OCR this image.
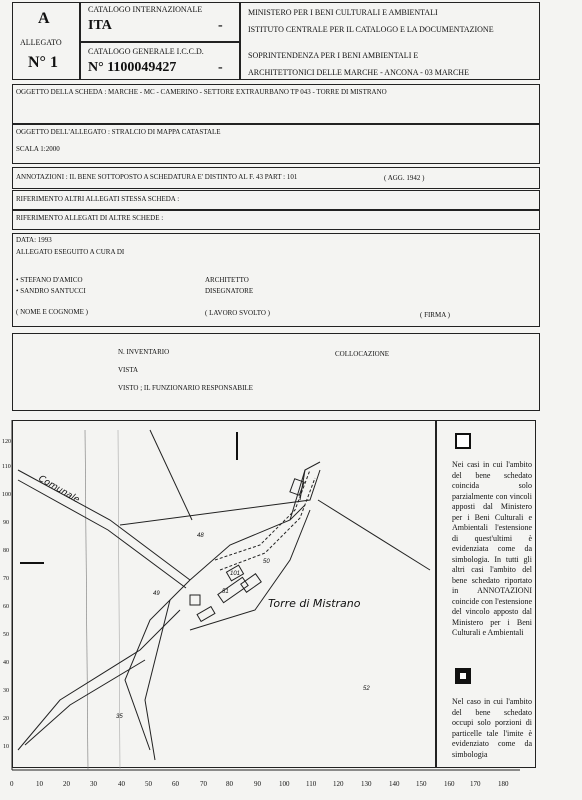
A
ALLEGATO
N° 1
CATALOGO INTERNAZIONALE
ITA	-
CATALOGO GENERALE I.C.C.D.
N° 1100049427	-
MINISTERO PER I BENI CULTURALI E AMBIENTALI
ISTITUTO CENTRALE PER IL CATALOGO E LA DOCUMENTAZIONE
SOPRINTENDENZA PER I BENI AMBIENTALI E
ARCHITETTONICI DELLE MARCHE - ANCONA - 03 MARCHE
OGGETTO DELLA SCHEDA : MARCHE - MC - CAMERINO - SETTORE EXTRAURBANO TP 043 - TORRE DI MISTRANO
OGGETTO DELL'ALLEGATO : STRALCIO DI MAPPA CATASTALE
SCALA 1:2000
ANNOTAZIONI : IL BENE SOTTOPOSTO A SCHEDATURA E' DISTINTO AL F. 43 PART : 101	( AGG. 1942 )
RIFERIMENTO ALTRI ALLEGATI STESSA SCHEDA :
RIFERIMENTO ALLEGATI DI ALTRE SCHEDE :
DATA: 1993
ALLEGATO ESEGUITO A CURA DI
• STEFANO D'AMICO
• SANDRO SANTUCCI
ARCHITETTO
DISEGNATORE
( NOME E COGNOME )	( LAVORO SVOLTO )	( FIRMA )
N. INVENTARIO	COLLOCAZIONE
VISTA
VISTO ; IL FUNZIONARIO RESPONSABILE
120
110
100
90
80
70
60
50
40
30
20
10
0	10	20	30	40	50	60	70	80	90	100 110 120	130	140 150	160 170	180
Comunale
Torre di Mistrano
48
49
50
51
52
35
101

Nei casi in cui l'ambito del bene schedato coincida solo parzialmente con vincoli apposti dal Ministero per i Beni Culturali e Ambientali l'estensione di quest'ultimi è evidenziata come da simbologia. In tutti gli altri casi l'ambito del bene schedato riportato in ANNOTAZIONI coincide con l'estensione del vincolo apposto dal Ministero per i Beni Culturali e Ambientali

Nel caso in cui l'ambito del bene schedato occupi solo porzioni di particelle tale l'imite è evidenziato come da simbologia
